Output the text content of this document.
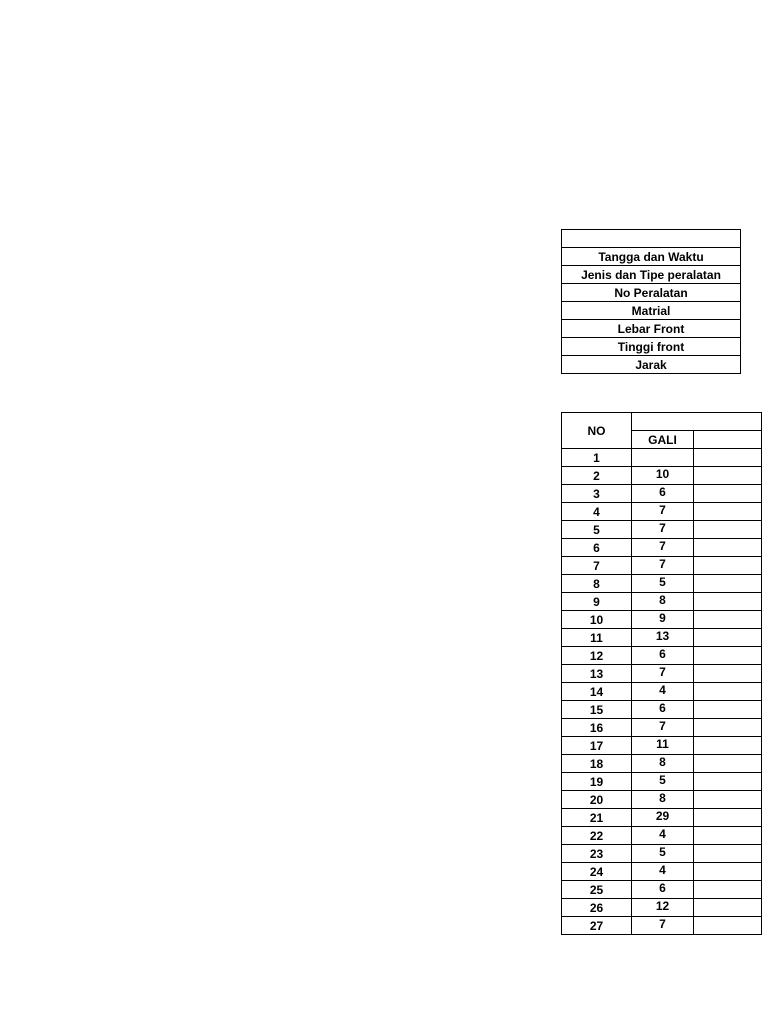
Tangga dan Waktu
Jenis dan Tipe peralatan
No Peralatan
Matrial
Lebar Front
Tinggi front
Jarak
NO		
	GALI	
1		
2	10	
3	6	
4	7	
5	7	
6	7	
7	7	
8	5	
9	8	
10	9	
11	13	
12	6	
13	7	
14	4	
15	6	
16	7	
17	11	
18	8	
19	5	
20	8	
21	29	
22	4	
23	5	
24	4	
25	6	
26	12	
27	7	
